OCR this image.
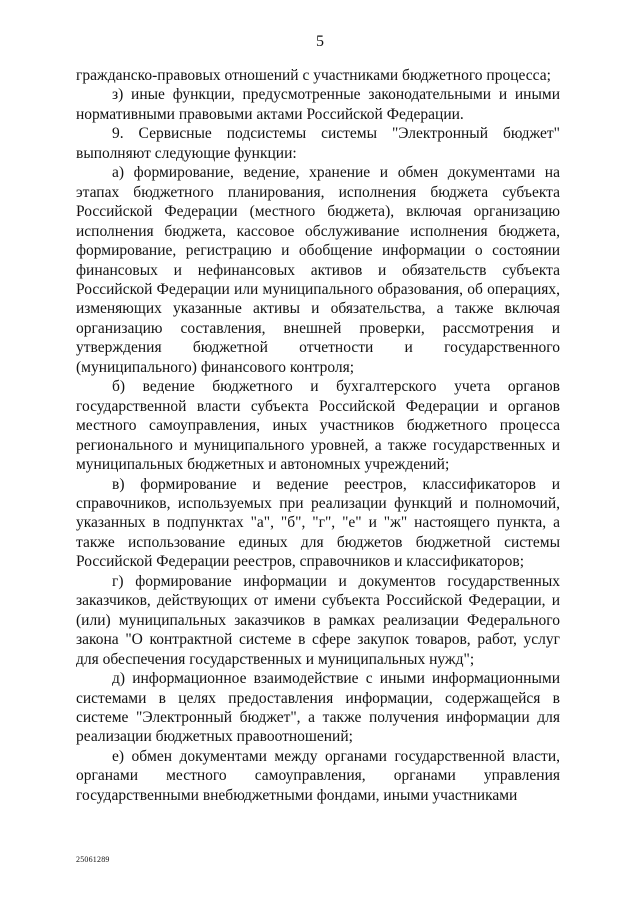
5

гражданско-правовых отношений с участниками бюджетного процесса;

з) иные функции, предусмотренные законодательными и иными нормативными правовыми актами Российской Федерации.

9. Сервисные подсистемы системы "Электронный бюджет" выполняют следующие функции:

а) формирование, ведение, хранение и обмен документами на этапах бюджетного планирования, исполнения бюджета субъекта Российской Федерации (местного бюджета), включая организацию исполнения бюджета, кассовое обслуживание исполнения бюджета, формирование, регистрацию и обобщение информации о состоянии финансовых и нефинансовых активов и обязательств субъекта Российской Федерации или муниципального образования, об операциях, изменяющих указанные активы и обязательства, а также включая организацию составления, внешней проверки, рассмотрения и утверждения бюджетной отчетности и государственного (муниципального) финансового контроля;

б) ведение бюджетного и бухгалтерского учета органов государственной власти субъекта Российской Федерации и органов местного самоуправления, иных участников бюджетного процесса регионального и муниципального уровней, а также государственных и муниципальных бюджетных и автономных учреждений;

в) формирование и ведение реестров, классификаторов и справочников, используемых при реализации функций и полномочий, указанных в подпунктах "а", "б", "г", "е" и "ж" настоящего пункта, а также использование единых для бюджетов бюджетной системы Российской Федерации реестров, справочников и классификаторов;

г) формирование информации и документов государственных заказчиков, действующих от имени субъекта Российской Федерации, и (или) муниципальных заказчиков в рамках реализации Федерального закона "О контрактной системе в сфере закупок товаров, работ, услуг для обеспечения государственных и муниципальных нужд";

д) информационное взаимодействие с иными информационными системами в целях предоставления информации, содержащейся в системе "Электронный бюджет", а также получения информации для реализации бюджетных правоотношений;

е) обмен документами между органами государственной власти, органами местного самоуправления, органами управления государственными внебюджетными фондами, иными участниками

25061289
